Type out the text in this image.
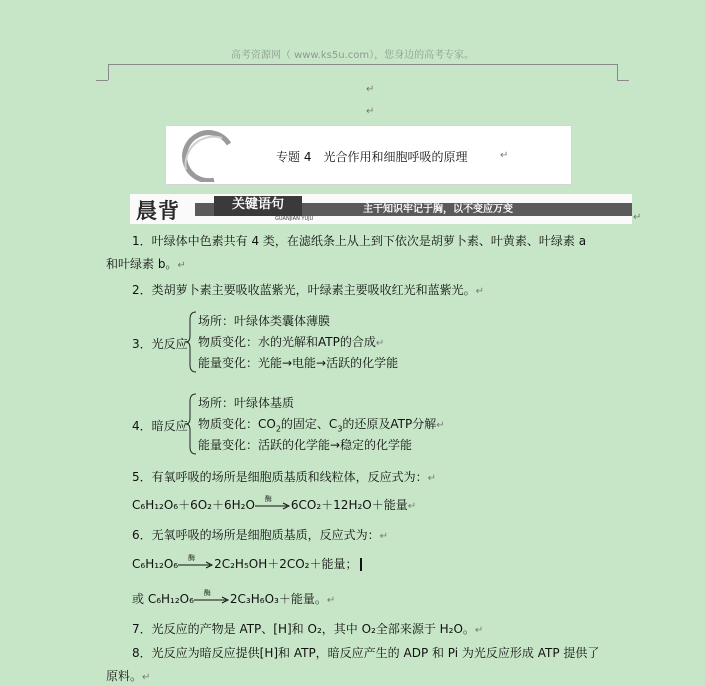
高考资源网（ www.ks5u.com），您身边的高考专家。
↵
↵
专题 4　光合作用和细胞呼吸的原理	↵
晨背	关键语句
GUANJIAN YUJU
主干知识牢记于胸，以不变应万变
↵
1．叶绿体中色素共有 4 类，在滤纸条上从上到下依次是胡萝卜素、叶黄素、叶绿素 a
和叶绿素 b。↵
2．类胡萝卜素主要吸收蓝紫光，叶绿素主要吸收红光和蓝紫光。↵
3．光反应
场所：叶绿体类囊体薄膜
物质变化：水的光解和ATP的合成↵
能量变化：光能→电能→活跃的化学能
4．暗反应
场所：叶绿体基质
物质变化：$CO_2$的固定、$C_3$的还原及ATP分解↵
能量变化：活跃的化学能→稳定的化学能
5．有氧呼吸的场所是细胞质基质和线粒体，反应式为：↵
C₆H₁₂O₆＋6O₂＋6H₂O 酶 6CO₂＋12H₂O＋能量↵
6．无氧呼吸的场所是细胞质基质，反应式为：↵
C₆H₁₂O₆ 酶 2C₂H₅OH＋2CO₂＋能量；
或 C₆H₁₂O₆ 酶 2C₃H₆O₃＋能量。↵
7．光反应的产物是 ATP、[H]和 O₂，其中 O₂全部来源于 H₂O。↵
8．光反应为暗反应提供[H]和 ATP，暗反应产生的 ADP 和 Pi 为光反应形成 ATP 提供了
原料。↵
